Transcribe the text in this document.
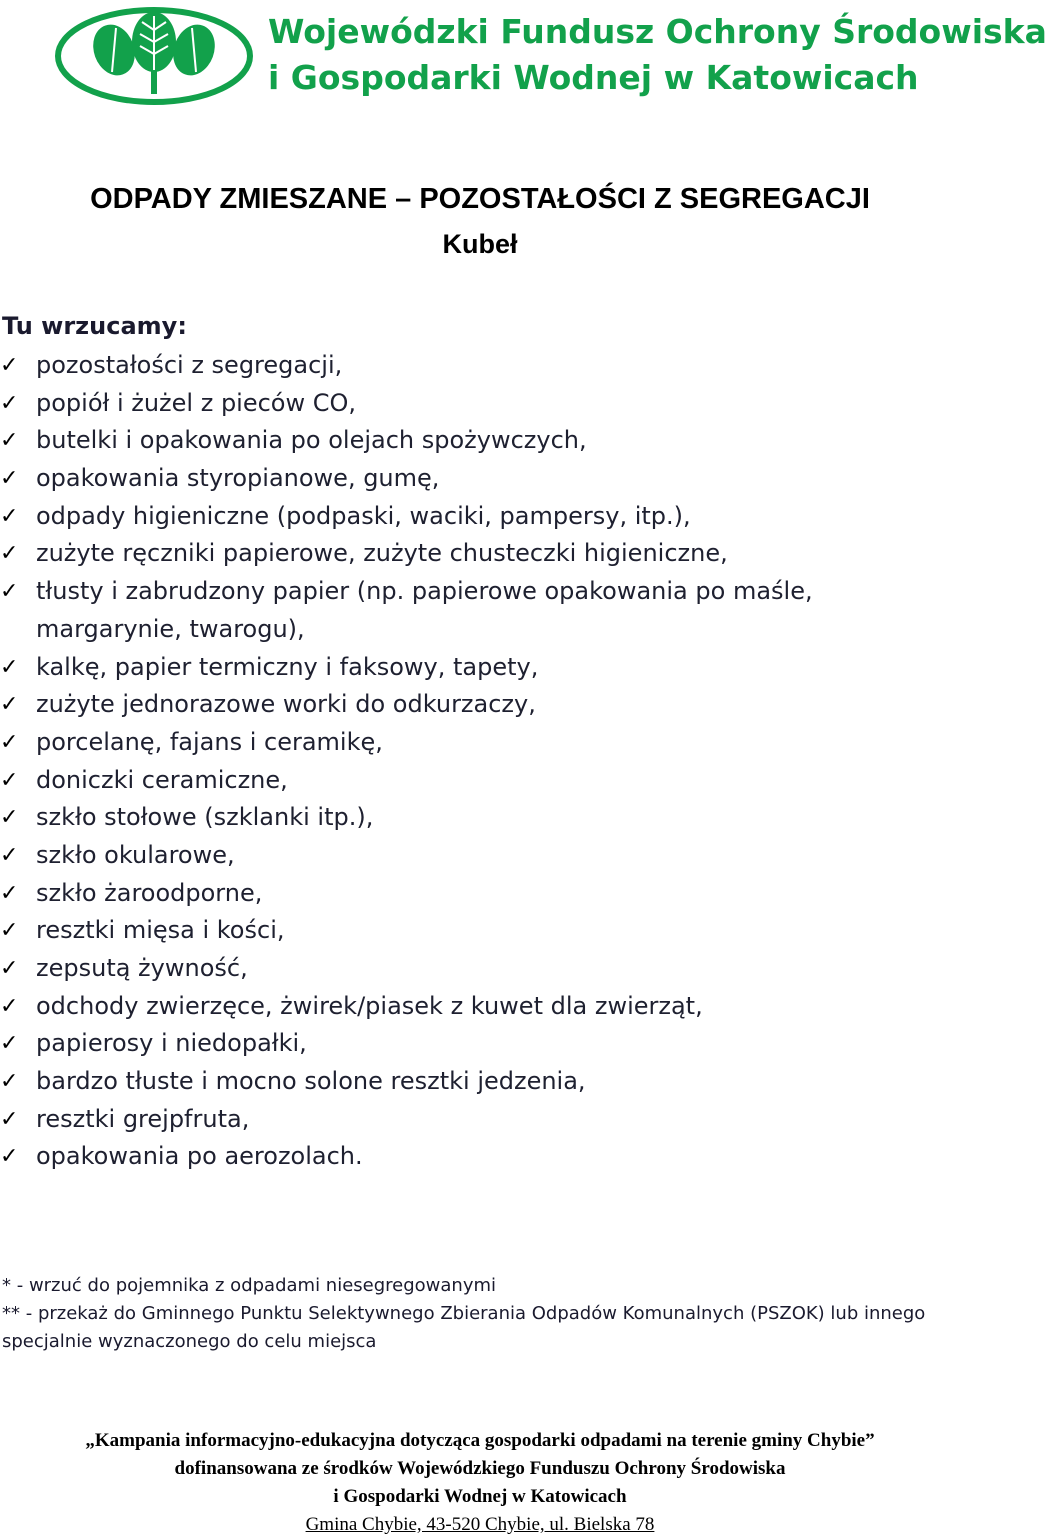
Wojewódzki Fundusz Ochrony Środowiska
i Gospodarki Wodnej w Katowicach
ODPADY ZMIESZANE – POZOSTAŁOŚCI Z SEGREGACJI
Kubeł
Tu wrzucamy:
✓ pozostałości z segregacji,
✓ popiół i żużel z pieców CO,
✓ butelki i opakowania po olejach spożywczych,
✓ opakowania styropianowe, gumę,
✓ odpady higieniczne (podpaski, waciki, pampersy, itp.),
✓ zużyte ręczniki papierowe, zużyte chusteczki higieniczne,
✓ tłusty i zabrudzony papier (np. papierowe opakowania po maśle, margarynie, twarogu),
✓ kalkę, papier termiczny i faksowy, tapety,
✓ zużyte jednorazowe worki do odkurzaczy,
✓ porcelanę, fajans i ceramikę,
✓ doniczki ceramiczne,
✓ szkło stołowe (szklanki itp.),
✓ szkło okularowe,
✓ szkło żaroodporne,
✓ resztki mięsa i kości,
✓ zepsutą żywność,
✓ odchody zwierzęce, żwirek/piasek z kuwet dla zwierząt,
✓ papierosy i niedopałki,
✓ bardzo tłuste i mocno solone resztki jedzenia,
✓ resztki grejpfruta,
✓ opakowania po aerozolach.
* - wrzuć do pojemnika z odpadami niesegregowanymi
** - przekaż do Gminnego Punktu Selektywnego Zbierania Odpadów Komunalnych (PSZOK) lub innego
specjalnie wyznaczonego do celu miejsca
„Kampania informacyjno-edukacyjna dotycząca gospodarki odpadami na terenie gminy Chybie”
dofinansowana ze środków Wojewódzkiego Funduszu Ochrony Środowiska
i Gospodarki Wodnej w Katowicach
Gmina Chybie, 43-520 Chybie, ul. Bielska 78
